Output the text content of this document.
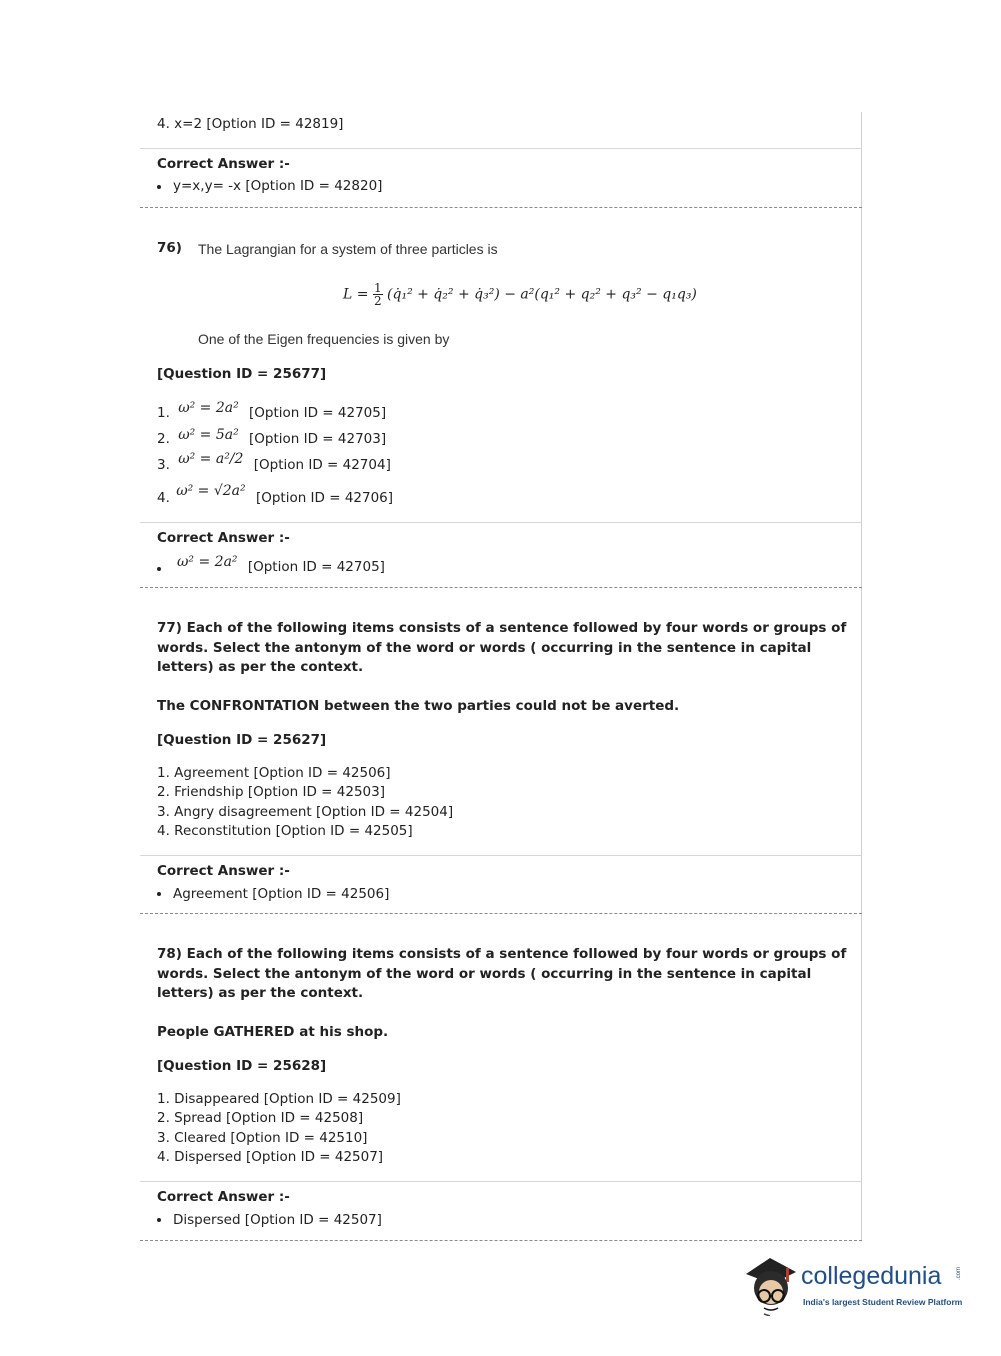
4. x=2 [Option ID = 42819]
Correct Answer :-
y=x,y= -x [Option ID = 42820]
76) The Lagrangian for a system of three particles is
$L = \frac{1}{2}$ (q̇₁² + q̇₂² + q̇₃²) − a²(q₁² + q₂² + q₃² − q₁q₃)
One of the Eigen frequencies is given by
[Question ID = 25677]
1. ω² = 2a² [Option ID = 42705]
2. ω² = 5a² [Option ID = 42703]
3. ω² = a²/2 [Option ID = 42704]
4. ω² = √2a² [Option ID = 42706]
Correct Answer :-
ω² = 2a² [Option ID = 42705]
77) Each of the following items consists of a sentence followed by four words or groups of words. Select the antonym of the word or words ( occurring in the sentence in capital letters) as per the context.
The CONFRONTATION between the two parties could not be averted.
[Question ID = 25627]
1. Agreement [Option ID = 42506]
2. Friendship [Option ID = 42503]
3. Angry disagreement [Option ID = 42504]
4. Reconstitution [Option ID = 42505]
Correct Answer :-
Agreement [Option ID = 42506]
78) Each of the following items consists of a sentence followed by four words or groups of words. Select the antonym of the word or words ( occurring in the sentence in capital letters) as per the context.
People GATHERED at his shop.
[Question ID = 25628]
1. Disappeared [Option ID = 42509]
2. Spread [Option ID = 42508]
3. Cleared [Option ID = 42510]
4. Dispersed [Option ID = 42507]
Correct Answer :-
Dispersed [Option ID = 42507]
.com
collegedunia
India's largest Student Review Platform
